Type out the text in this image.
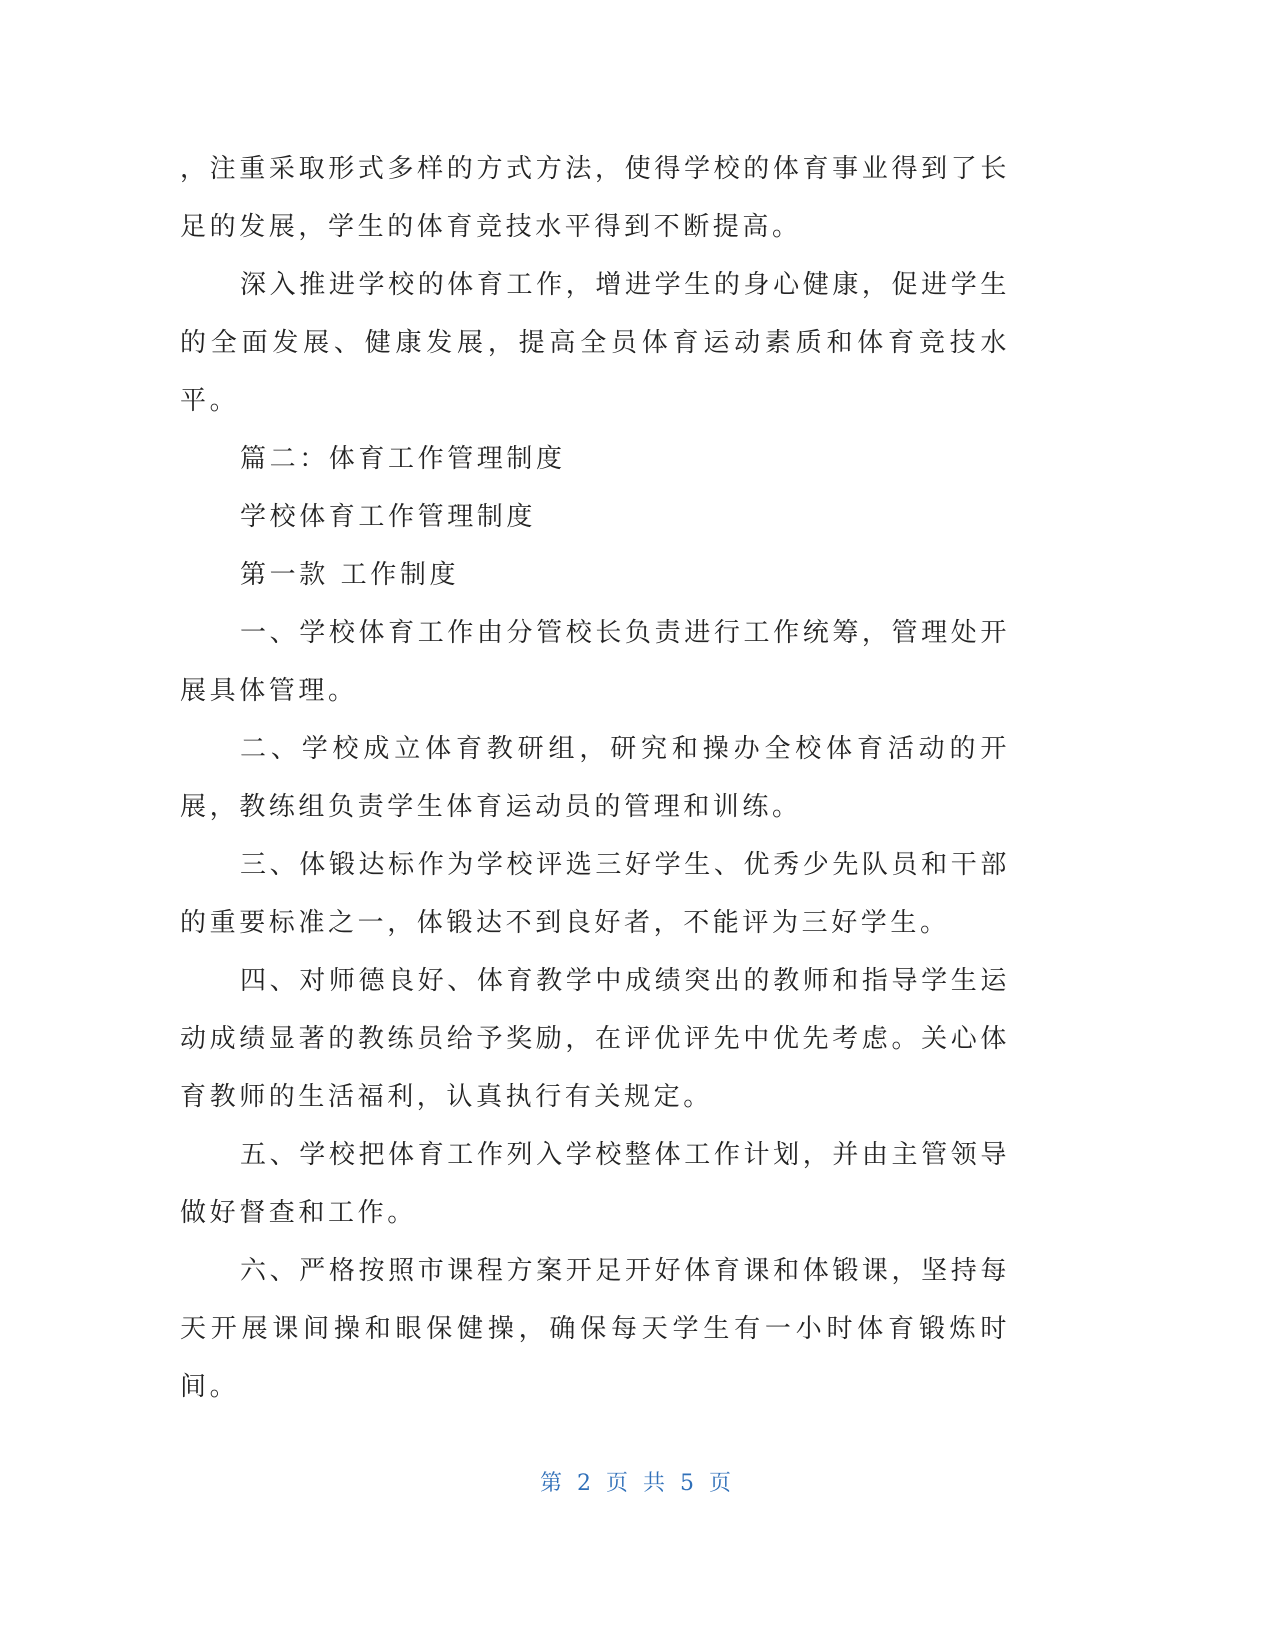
，注重采取形式多样的方式方法，使得学校的体育事业得到了长足的发展，学生的体育竞技水平得到不断提高。

深入推进学校的体育工作，增进学生的身心健康，促进学生的全面发展、健康发展，提高全员体育运动素质和体育竞技水平。

篇二：体育工作管理制度

学校体育工作管理制度

第一款 工作制度

一、学校体育工作由分管校长负责进行工作统筹，管理处开展具体管理。

二、学校成立体育教研组，研究和操办全校体育活动的开展，教练组负责学生体育运动员的管理和训练。

三、体锻达标作为学校评选三好学生、优秀少先队员和干部的重要标准之一，体锻达不到良好者，不能评为三好学生。

四、对师德良好、体育教学中成绩突出的教师和指导学生运动成绩显著的教练员给予奖励，在评优评先中优先考虑。关心体育教师的生活福利，认真执行有关规定。

五、学校把体育工作列入学校整体工作计划，并由主管领导做好督查和工作。

六、严格按照市课程方案开足开好体育课和体锻课，坚持每天开展课间操和眼保健操，确保每天学生有一小时体育锻炼时间。

第 2 页 共 5 页
